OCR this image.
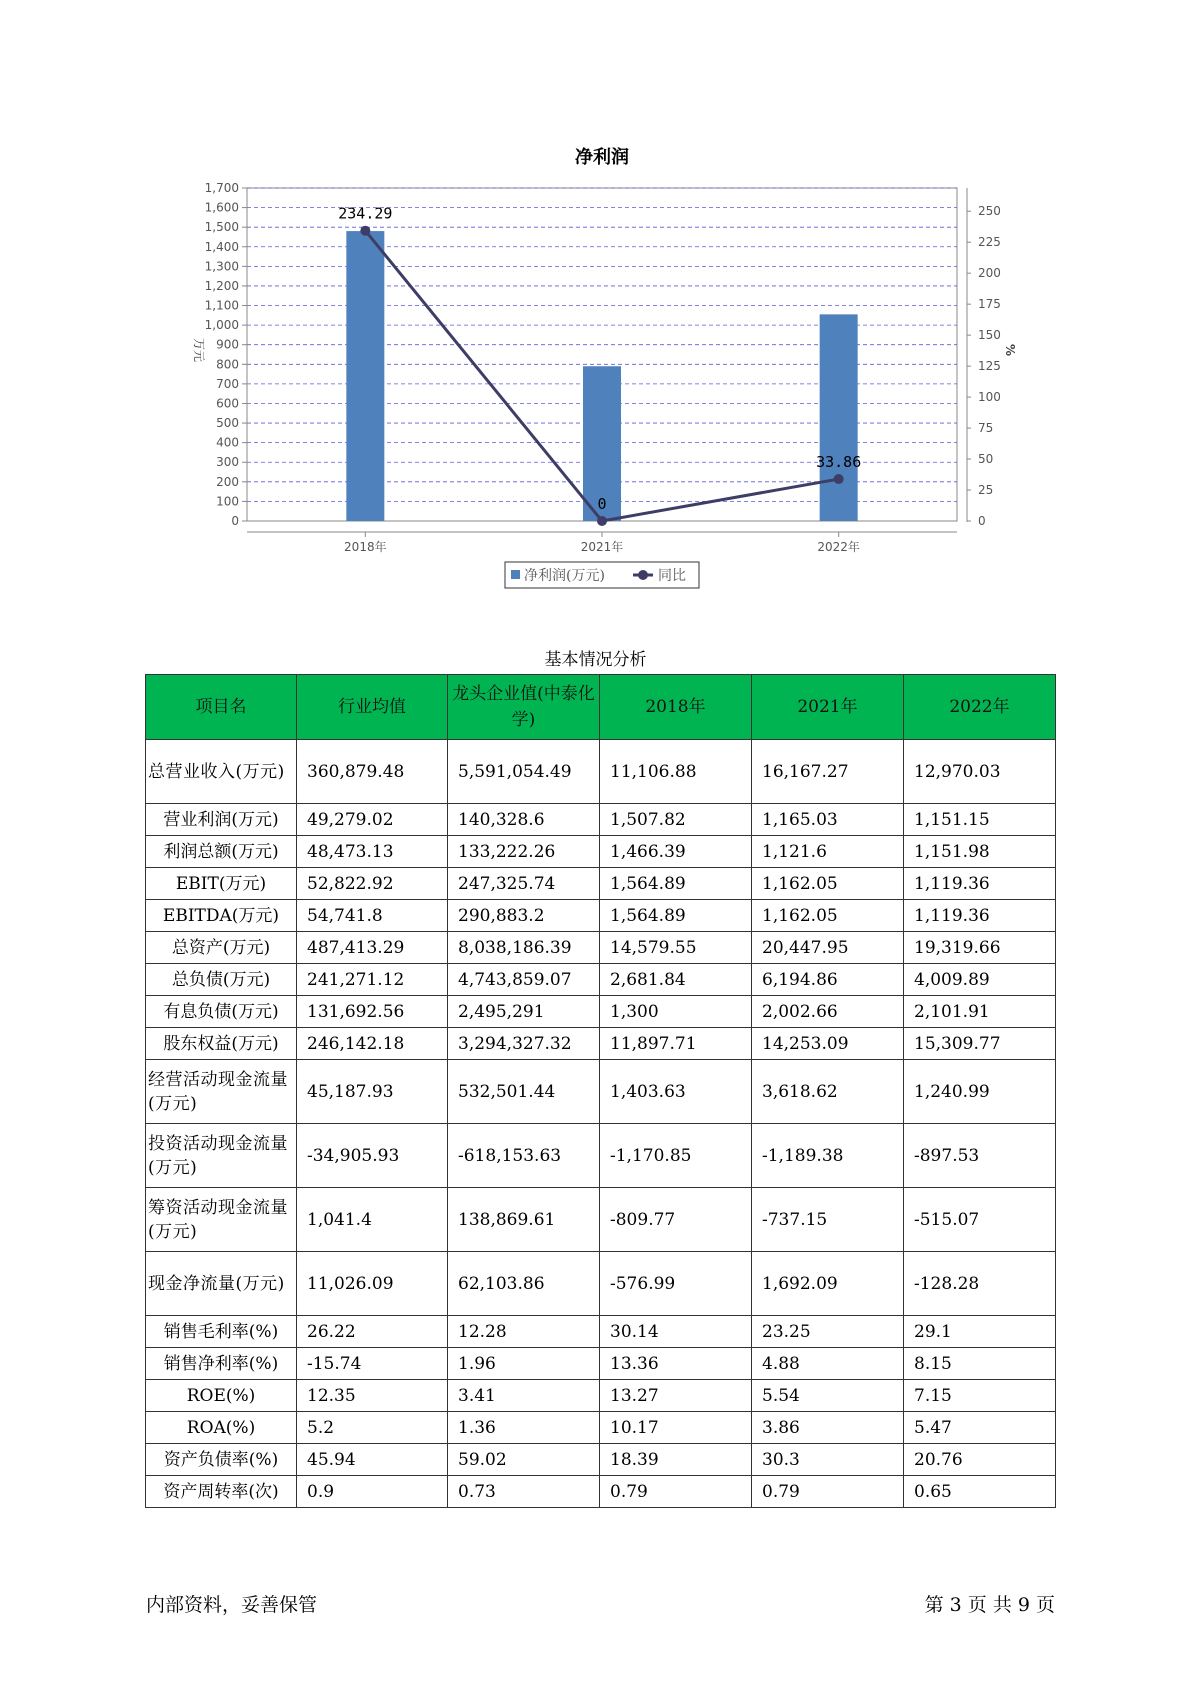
净利润
0
100
200
300
400
500
600
700
800
900
1,000
1,100
1,200
1,300
1,400
1,500
1,600
1,700
0
25
50
75
100
125
150
175
200
225
250
万元	%
2018年	2021年	2022年
234.29
0
33.86
净利润(万元)	同比
基本情况分析
项目名	行业均值	龙头企业值(中泰化学)	2018年	2021年	2022年
总营业收入(万元)	360,879.48	5,591,054.49	11,106.88	16,167.27	12,970.03
营业利润(万元)	49,279.02	140,328.6	1,507.82	1,165.03	1,151.15
利润总额(万元)	48,473.13	133,222.26	1,466.39	1,121.6	1,151.98
EBIT(万元)	52,822.92	247,325.74	1,564.89	1,162.05	1,119.36
EBITDA(万元)	54,741.8	290,883.2	1,564.89	1,162.05	1,119.36
总资产(万元)	487,413.29	8,038,186.39	14,579.55	20,447.95	19,319.66
总负债(万元)	241,271.12	4,743,859.07	2,681.84	6,194.86	4,009.89
有息负债(万元)	131,692.56	2,495,291	1,300	2,002.66	2,101.91
股东权益(万元)	246,142.18	3,294,327.32	11,897.71	14,253.09	15,309.77
经营活动现金流量(万元)	45,187.93	532,501.44	1,403.63	3,618.62	1,240.99
投资活动现金流量(万元)	-34,905.93	-618,153.63	-1,170.85	-1,189.38	-897.53
筹资活动现金流量(万元)	1,041.4	138,869.61	-809.77	-737.15	-515.07
现金净流量(万元)	11,026.09	62,103.86	-576.99	1,692.09	-128.28
销售毛利率(%)	26.22	12.28	30.14	23.25	29.1
销售净利率(%)	-15.74	1.96	13.36	4.88	8.15
ROE(%)	12.35	3.41	13.27	5.54	7.15
ROA(%)	5.2	1.36	10.17	3.86	5.47
资产负债率(%)	45.94	59.02	18.39	30.3	20.76
资产周转率(次)	0.9	0.73	0.79	0.79	0.65
内部资料，妥善保管	第 3 页 共 9 页
